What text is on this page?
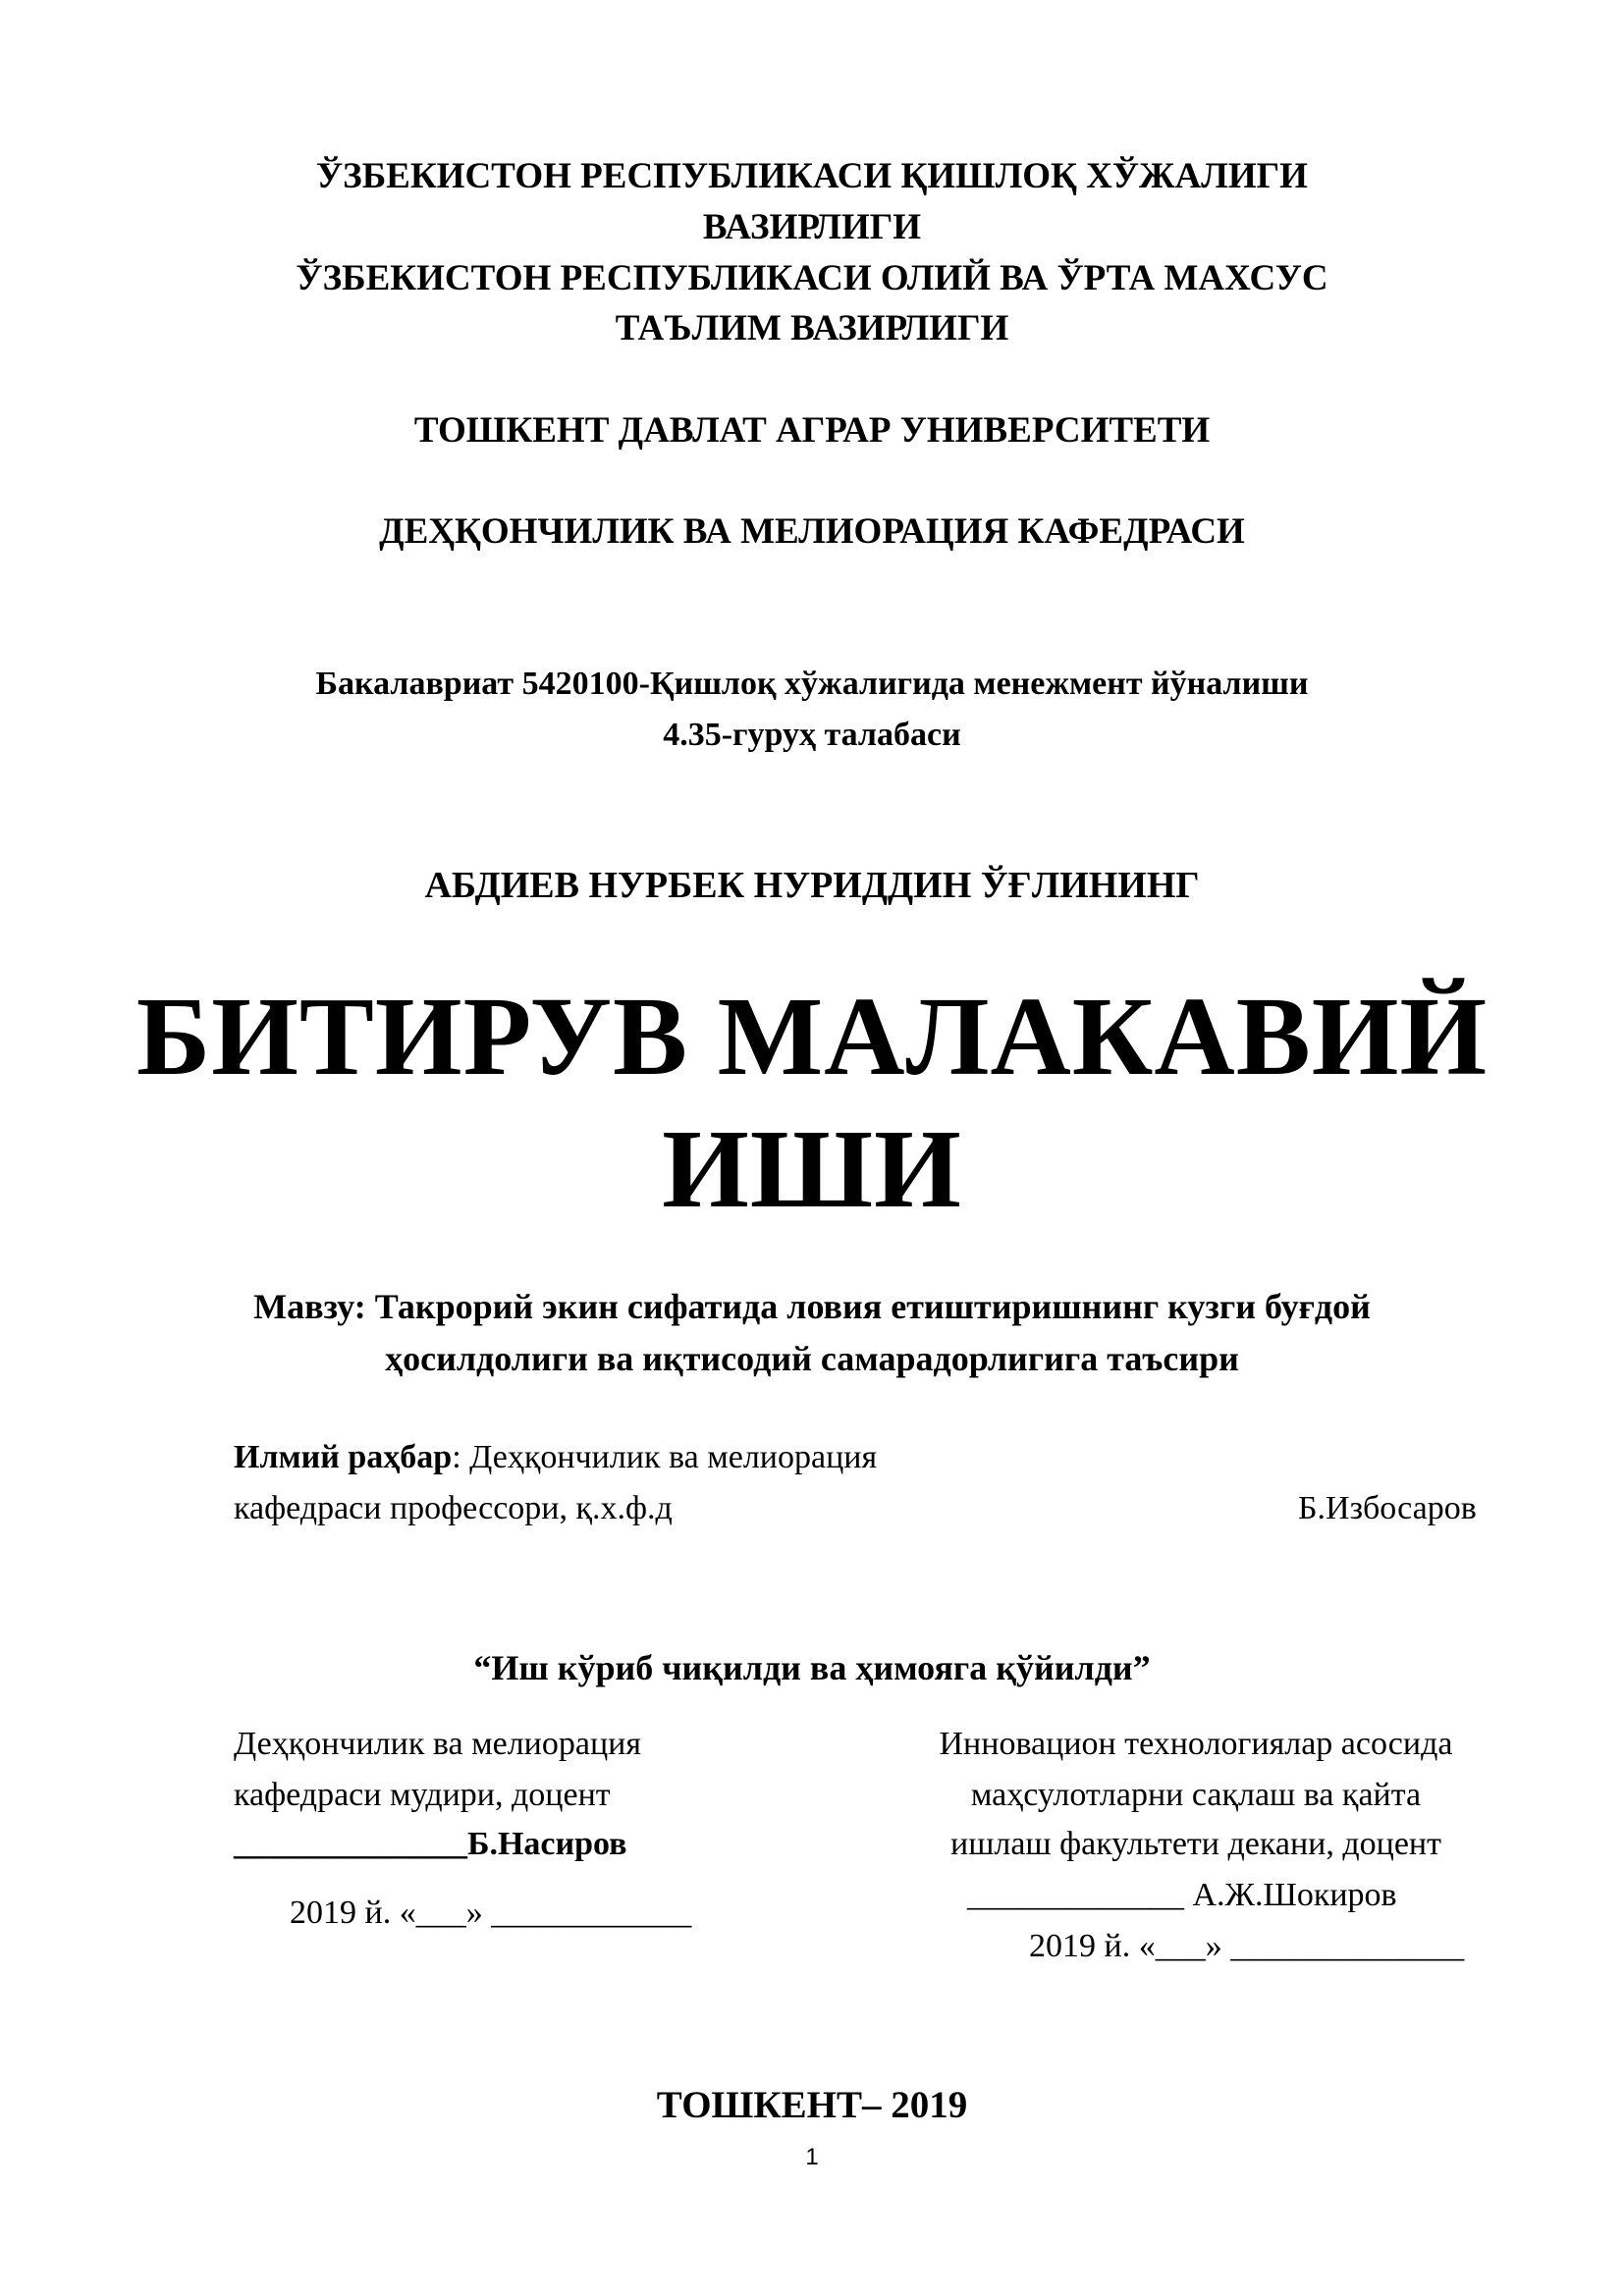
ЎЗБЕКИСТОН РЕСПУБЛИКАСИ ҚИШЛОҚ ХЎЖАЛИГИ
ВАЗИРЛИГИ
ЎЗБЕКИСТОН РЕСПУБЛИКАСИ ОЛИЙ ВА ЎРТА МАХСУС
ТАЪЛИМ ВАЗИРЛИГИ
ТОШКЕНТ ДАВЛАТ АГРАР УНИВЕРСИТЕТИ
ДЕҲҚОНЧИЛИК ВА МЕЛИОРАЦИЯ КАФЕДРАСИ
Бакалавриат 5420100-Қишлоқ хўжалигида менежмент йўналиши
4.35-гуруҳ талабаси
АБДИЕВ НУРБЕК НУРИДДИН ЎҒЛИНИНГ
БИТИРУВ МАЛАКАВИЙ
ИШИ
Мавзу: Такрорий экин сифатида ловия етиштиришнинг кузги буғдой
ҳосилдолиги ва иқтисодий самарадорлигига таъсири
Илмий раҳбар: Деҳқончилик ва мелиорация
кафедраси профессори, қ.х.ф.д	Б.Избосаров
“Иш кўриб чиқилди ва ҳимояга қўйилди”
Деҳқончилик ва мелиорация
кафедраси мудири, доцент
______________Б.Насиров
2019 й. «___» ____________
Инновацион технологиялар асосида
маҳсулотларни сақлаш ва қайта
ишлаш факультети декани, доцент
_____________ А.Ж.Шокиров
2019 й. «___» ______________
ТОШКЕНТ– 2019
1
